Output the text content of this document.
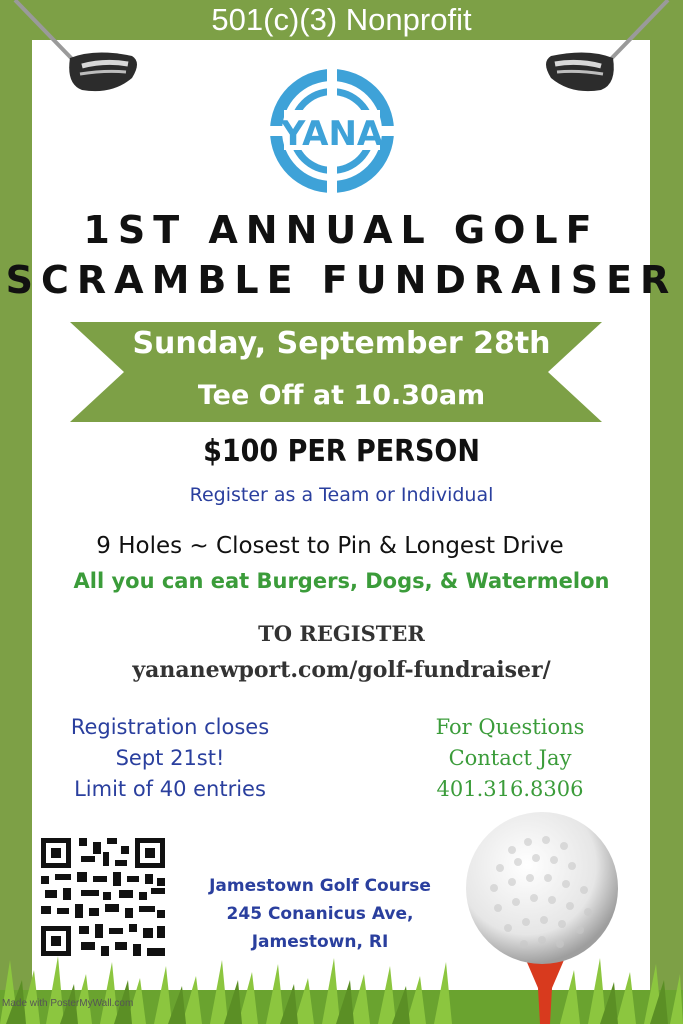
501(c)(3) Nonprofit
YANA
1ST ANNUAL GOLF
SCRAMBLE FUNDRAISER
Sunday, September 28th
Tee Off at 10.30am
$100 PER PERSON
Register as a Team or Individual
9 Holes ~ Closest to Pin & Longest Drive
All you can eat Burgers, Dogs, & Watermelon
TO REGISTER
yananewport.com/golf-fundraiser/
Registration closes
Sept 21st!
Limit of 40 entries
For Questions
Contact Jay
401.316.8306
Jamestown Golf Course
245 Conanicus Ave,
Jamestown, RI
Made with PosterMyWall.com
